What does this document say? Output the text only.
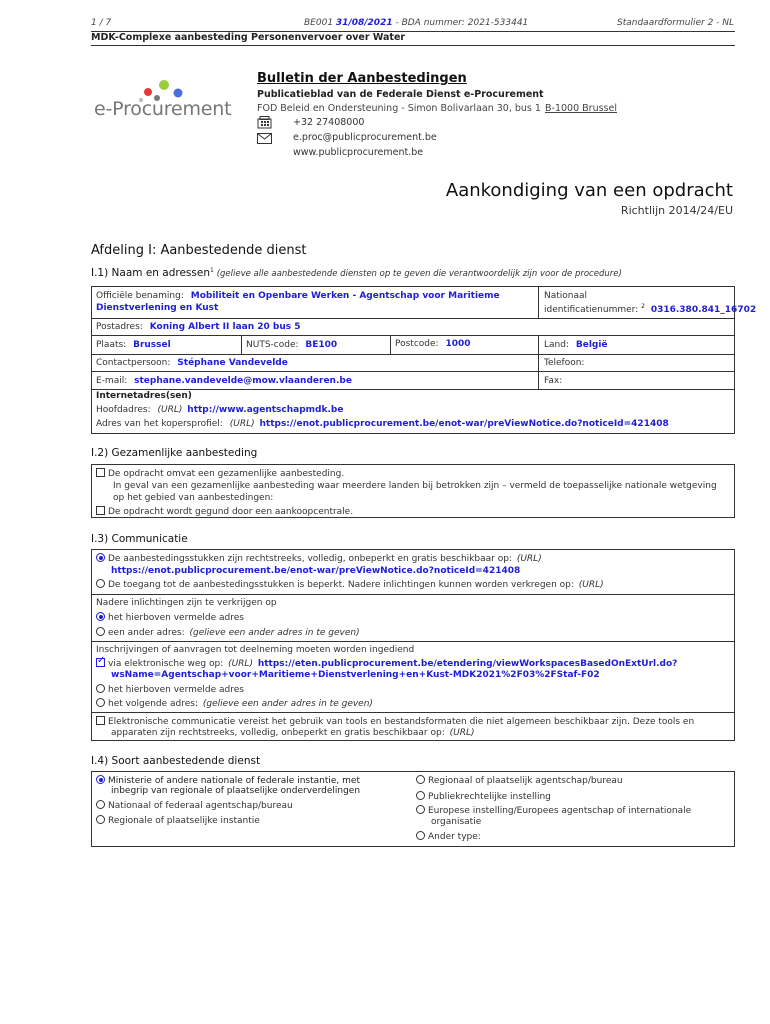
1 / 7	BE001 31/08/2021 - BDA nummer: 2021-533441	Standaardformulier 2 - NL
MDK-Complexe aanbesteding Personenvervoer over Water
e-Procurement
Bulletin der Aanbestedingen
Publicatieblad van de Federale Dienst e-Procurement
FOD Beleid en Ondersteuning - Simon Bolivarlaan 30, bus 1 B-1000 Brussel
+32 27408000
e.proc@publicprocurement.be
www.publicprocurement.be
Aankondiging van een opdracht
Richtlijn 2014/24/EU
Afdeling I: Aanbestedende dienst
I.1) Naam en adressen$^1$ (gelieve alle aanbestedende diensten op te geven die verantwoordelijk zijn voor de procedure)
Officiële benaming: Mobiliteit en Openbare Werken - Agentschap voor Maritieme
Dienstverlening en Kust
Nationaal
identificatienummer: $^2$ 0316.380.841_16702
Postadres: Koning Albert II laan 20 bus 5
Plaats: Brussel	NUTS-code: BE100	Postcode: 1000	Land: België
Contactpersoon: Stéphane Vandevelde	Telefoon:
E-mail: stephane.vandevelde@mow.vlaanderen.be	Fax:
Internetadres(sen)
Hoofdadres: (URL) http://www.agentschapmdk.be
Adres van het kopersprofiel: (URL) https://enot.publicprocurement.be/enot-war/preViewNotice.do?noticeId=421408
I.2) Gezamenlijke aanbesteding
De opdracht omvat een gezamenlijke aanbesteding.
In geval van een gezamenlijke aanbesteding waar meerdere landen bij betrokken zijn – vermeld de toepasselijke nationale wetgeving
op het gebied van aanbestedingen:
De opdracht wordt gegund door een aankoopcentrale.
I.3) Communicatie
De aanbestedingsstukken zijn rechtstreeks, volledig, onbeperkt en gratis beschikbaar op: (URL)
https://enot.publicprocurement.be/enot-war/preViewNotice.do?noticeId=421408
De toegang tot de aanbestedingsstukken is beperkt. Nadere inlichtingen kunnen worden verkregen op: (URL)
Nadere inlichtingen zijn te verkrijgen op
het hierboven vermelde adres
een ander adres: (gelieve een ander adres in te geven)
Inschrijvingen of aanvragen tot deelneming moeten worden ingediend
✓via elektronische weg op: (URL) https://eten.publicprocurement.be/etendering/viewWorkspacesBasedOnExtUrl.do?
wsName=Agentschap+voor+Maritieme+Dienstverlening+en+Kust-MDK2021%2F03%2FStaf-F02
het hierboven vermelde adres
het volgende adres: (gelieve een ander adres in te geven)
Elektronische communicatie vereist het gebruik van tools en bestandsformaten die niet algemeen beschikbaar zijn. Deze tools en
apparaten zijn rechtstreeks, volledig, onbeperkt en gratis beschikbaar op: (URL)
I.4) Soort aanbestedende dienst
Ministerie of andere nationale of federale instantie, met
inbegrip van regionale of plaatselijke onderverdelingen
Nationaal of federaal agentschap/bureau
Regionale of plaatselijke instantie
Regionaal of plaatselijk agentschap/bureau
Publiekrechtelijke instelling
Europese instelling/Europees agentschap of internationale
organisatie
Ander type:
